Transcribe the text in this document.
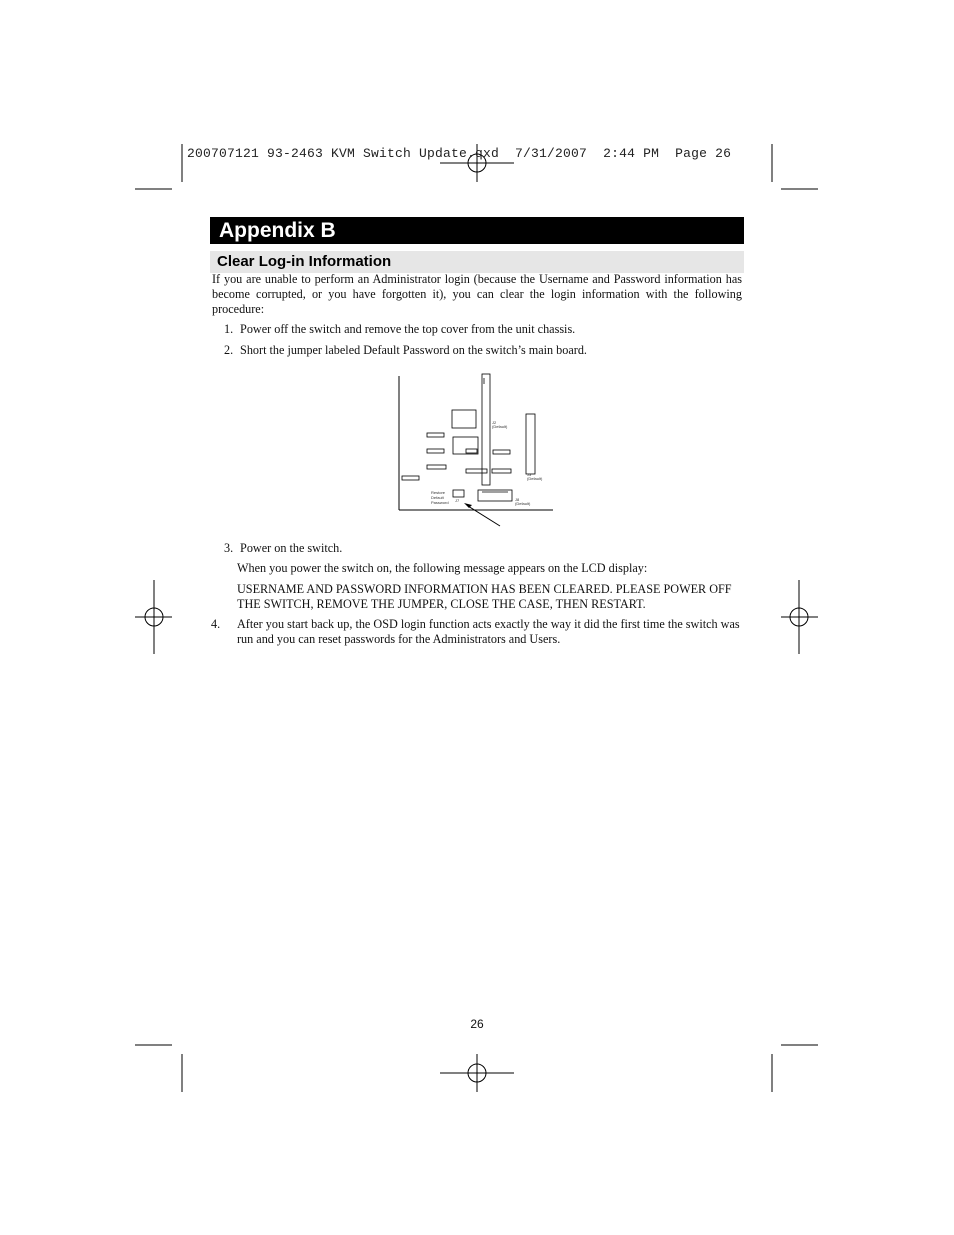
200707121 93-2463 KVM Switch Update.qxd  7/31/2007  2:44 PM  Page 26
Appendix B
Clear Log-in Information
If you are unable to perform an Administrator login (because the Username and Password information has become corrupted, or you have forgotten it), you can clear the login information with the following procedure:
1. Power off the switch and remove the top cover from the unit chassis.
2. Short the jumper labeled Default Password on the switch’s main board.
Restore
Default
Password J7	J8
(Default)
J2
(Default)
J3
(Default)
3. Power on the switch.
When you power the switch on, the following message appears on the LCD display:
USERNAME AND PASSWORD INFORMATION HAS BEEN CLEARED. PLEASE POWER OFF THE SWITCH, REMOVE THE JUMPER, CLOSE THE CASE, THEN RESTART.
4. After you start back up, the OSD login function acts exactly the way it did the first time the switch was run and you can reset passwords for the Administrators and Users.
26
